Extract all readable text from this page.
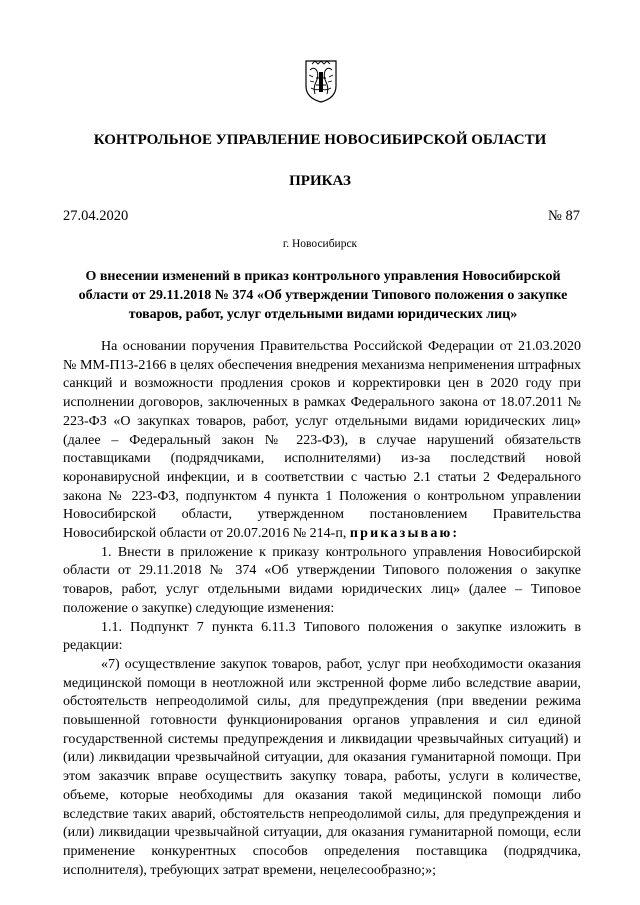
КОНТРОЛЬНОЕ УПРАВЛЕНИЕ НОВОСИБИРСКОЙ ОБЛАСТИ
ПРИКАЗ
27.04.2020	№ 87
г. Новосибирск
О внесении изменений в приказ контрольного управления Новосибирской области от 29.11.2018 № 374 «Об утверждении Типового положения о закупке товаров, работ, услуг отдельными видами юридических лиц»

На основании поручения Правительства Российской Федерации от 21.03.2020 № ММ-П13-2166 в целях обеспечения внедрения механизма неприменения штрафных санкций и возможности продления сроков и корректировки цен в 2020 году при исполнении договоров, заключенных в рамках Федерального закона от 18.07.2011 № 223-ФЗ «О закупках товаров, работ, услуг отдельными видами юридических лиц» (далее – Федеральный закон № 223-ФЗ), в случае нарушений обязательств поставщиками (подрядчиками, исполнителями) из-за последствий новой коронавирусной инфекции, и в соответствии с частью 2.1 статьи 2 Федерального закона № 223-ФЗ, подпунктом 4 пункта 1 Положения о контрольном управлении Новосибирской области, утвержденном постановлением Правительства Новосибирской области от 20.07.2016 № 214-п, приказываю:

1. Внести в приложение к приказу контрольного управления Новосибирской области от 29.11.2018 № 374 «Об утверждении Типового положения о закупке товаров, работ, услуг отдельными видами юридических лиц» (далее – Типовое положение о закупке) следующие изменения:

1.1. Подпункт 7 пункта 6.11.3 Типового положения о закупке изложить в редакции:

«7) осуществление закупок товаров, работ, услуг при необходимости оказания медицинской помощи в неотложной или экстренной форме либо вследствие аварии, обстоятельств непреодолимой силы, для предупреждения (при введении режима повышенной готовности функционирования органов управления и сил единой государственной системы предупреждения и ликвидации чрезвычайных ситуаций) и (или) ликвидации чрезвычайной ситуации, для оказания гуманитарной помощи. При этом заказчик вправе осуществить закупку товара, работы, услуги в количестве, объеме, которые необходимы для оказания такой медицинской помощи либо вследствие таких аварий, обстоятельств непреодолимой силы, для предупреждения и (или) ликвидации чрезвычайной ситуации, для оказания гуманитарной помощи, если применение конкурентных способов определения поставщика (подрядчика, исполнителя), требующих затрат времени, нецелесообразно;»;
